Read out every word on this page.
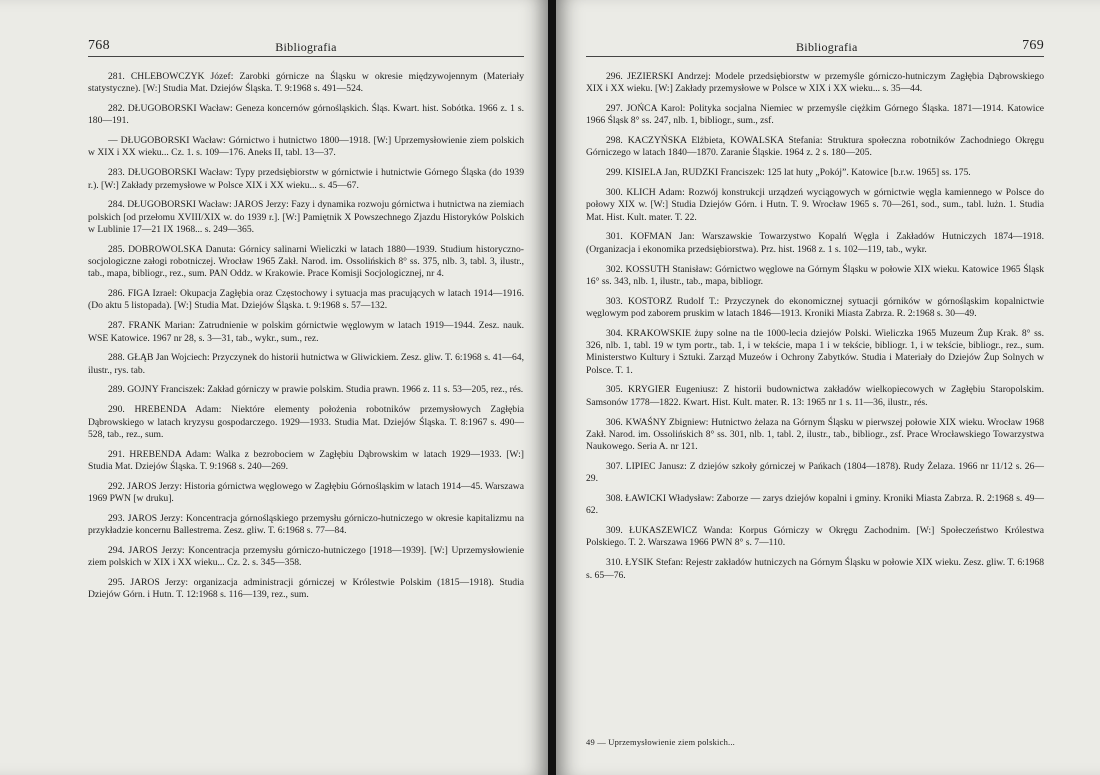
768	Bibliografia

281. CHLEBOWCZYK Józef: Zarobki górnicze na Śląsku w okresie międzywojennym (Materiały statystyczne). [W:] Studia Mat. Dziejów Śląska. T. 9:1968 s. 491—524.

282. DŁUGOBORSKI Wacław: Geneza koncernów górnośląskich. Śląs. Kwart. hist. Sobótka. 1966 z. 1 s. 180—191.

— DŁUGOBORSKI Wacław: Górnictwo i hutnictwo 1800—1918. [W:] Uprzemysłowienie ziem polskich w XIX i XX wieku... Cz. 1. s. 109—176. Aneks II, tabl. 13—37.

283. DŁUGOBORSKI Wacław: Typy przedsiębiorstw w górnictwie i hutnictwie Górnego Śląska (do 1939 r.). [W:] Zakłady przemysłowe w Polsce XIX i XX wieku... s. 45—67.

284. DŁUGOBORSKI Wacław: JAROS Jerzy: Fazy i dynamika rozwoju górnictwa i hutnictwa na ziemiach polskich [od przełomu XVIII/XIX w. do 1939 r.]. [W:] Pamiętnik X Powszechnego Zjazdu Historyków Polskich w Lublinie 17—21 IX 1968... s. 249—365.

285. DOBROWOLSKA Danuta: Górnicy salinarni Wieliczki w latach 1880—1939. Studium historyczno-socjologiczne załogi robotniczej. Wrocław 1965 Zakł. Narod. im. Ossolińskich 8° ss. 375, nlb. 3, tabl. 3, ilustr., tab., mapa, bibliogr., rez., sum. PAN Oddz. w Krakowie. Prace Komisji Socjologicznej, nr 4.

286. FIGA Izrael: Okupacja Zagłębia oraz Częstochowy i sytuacja mas pracujących w latach 1914—1916. (Do aktu 5 listopada). [W:] Studia Mat. Dziejów Śląska. t. 9:1968 s. 57—132.

287. FRANK Marian: Zatrudnienie w polskim górnictwie węglowym w latach 1919—1944. Zesz. nauk. WSE Katowice. 1967 nr 28, s. 3—31, tab., wykr., sum., rez.

288. GŁĄB Jan Wojciech: Przyczynek do historii hutnictwa w Gliwickiem. Zesz. gliw. T. 6:1968 s. 41—64, ilustr., rys. tab.

289. GOJNY Franciszek: Zakład górniczy w prawie polskim. Studia prawn. 1966 z. 11 s. 53—205, rez., rés.

290. HREBENDA Adam: Niektóre elementy położenia robotników przemysłowych Zagłębia Dąbrowskiego w latach kryzysu gospodarczego. 1929—1933. Studia Mat. Dziejów Śląska. T. 8:1967 s. 490—528, tab., rez., sum.

291. HREBENDA Adam: Walka z bezrobociem w Zagłębiu Dąbrowskim w latach 1929—1933. [W:] Studia Mat. Dziejów Śląska. T. 9:1968 s. 240—269.

292. JAROS Jerzy: Historia górnictwa węglowego w Zagłębiu Górnośląskim w latach 1914—45. Warszawa 1969 PWN [w druku].

293. JAROS Jerzy: Koncentracja górnośląskiego przemysłu górniczo-hutniczego w okresie kapitalizmu na przykładzie koncernu Ballestrema. Zesz. gliw. T. 6:1968 s. 77—84.

294. JAROS Jerzy: Koncentracja przemysłu górniczo-hutniczego [1918—1939]. [W:] Uprzemysłowienie ziem polskich w XIX i XX wieku... Cz. 2. s. 345—358.

295. JAROS Jerzy: organizacja administracji górniczej w Królestwie Polskim (1815—1918). Studia Dziejów Górn. i Hutn. T. 12:1968 s. 116—139, rez., sum.

Bibliografia	769

296. JEZIERSKI Andrzej: Modele przedsiębiorstw w przemyśle górniczo-hutniczym Zagłębia Dąbrowskiego XIX i XX wieku. [W:] Zakłady przemysłowe w Polsce w XIX i XX wieku... s. 35—44.

297. JOŃCA Karol: Polityka socjalna Niemiec w przemyśle ciężkim Górnego Śląska. 1871—1914. Katowice 1966 Śląsk 8° ss. 247, nlb. 1, bibliogr., sum., zsf.

298. KACZYŃSKA Elżbieta, KOWALSKA Stefania: Struktura społeczna robotników Zachodniego Okręgu Górniczego w latach 1840—1870. Zaranie Śląskie. 1964 z. 2 s. 180—205.

299. KISIELA Jan, RUDZKI Franciszek: 125 lat huty „Pokój”. Katowice [b.r.w. 1965] ss. 175.

300. KLICH Adam: Rozwój konstrukcji urządzeń wyciągowych w górnictwie węgla kamiennego w Polsce do połowy XIX w. [W:] Studia Dziejów Górn. i Hutn. T. 9. Wrocław 1965 s. 70—261, sod., sum., tabl. lużn. 1. Studia Mat. Hist. Kult. mater. T. 22.

301. KOFMAN Jan: Warszawskie Towarzystwo Kopalń Węgla i Zakładów Hutniczych 1874—1918. (Organizacja i ekonomika przedsiębiorstwa). Prz. hist. 1968 z. 1 s. 102—119, tab., wykr.

302. KOSSUTH Stanisław: Górnictwo węglowe na Górnym Śląsku w połowie XIX wieku. Katowice 1965 Śląsk 16° ss. 343, nlb. 1, ilustr., tab., mapa, bibliogr.

303. KOSTORZ Rudolf T.: Przyczynek do ekonomicznej sytuacji górników w górnośląskim kopalnictwie węglowym pod zaborem pruskim w latach 1846—1913. Kroniki Miasta Zabrza. R. 2:1968 s. 30—49.

304. KRAKOWSKIE żupy solne na tle 1000-lecia dziejów Polski. Wieliczka 1965 Muzeum Żup Krak. 8° ss. 326, nlb. 1, tabl. 19 w tym portr., tab. 1, i w tekście, mapa 1 i w tekście, bibliogr. 1, i w tekście, bibliogr., rez., sum. Ministerstwo Kultury i Sztuki. Zarząd Muzeów i Ochrony Zabytków. Studia i Materiały do Dziejów Żup Solnych w Polsce. T. 1.

305. KRYGIER Eugeniusz: Z historii budownictwa zakładów wielkopiecowych w Zagłębiu Staropolskim. Samsonów 1778—1822. Kwart. Hist. Kult. mater. R. 13: 1965 nr 1 s. 11—36, ilustr., rés.

306. KWAŚNY Zbigniew: Hutnictwo żelaza na Górnym Śląsku w pierwszej połowie XIX wieku. Wrocław 1968 Zakł. Narod. im. Ossolińskich 8° ss. 301, nlb. 1, tabl. 2, ilustr., tab., bibliogr., zsf. Prace Wrocławskiego Towarzystwa Naukowego. Seria A. nr 121.

307. LIPIEC Janusz: Z dziejów szkoły górniczej w Pańkach (1804—1878). Rudy Żelaza. 1966 nr 11/12 s. 26—29.

308. ŁAWICKI Władysław: Zaborze — zarys dziejów kopalni i gminy. Kroniki Miasta Zabrza. R. 2:1968 s. 49—62.

309. ŁUKASZEWICZ Wanda: Korpus Górniczy w Okręgu Zachodnim. [W:] Społeczeństwo Królestwa Polskiego. T. 2. Warszawa 1966 PWN 8° s. 7—110.

310. ŁYSIK Stefan: Rejestr zakładów hutniczych na Górnym Śląsku w połowie XIX wieku. Zesz. gliw. T. 6:1968 s. 65—76.

49 — Uprzemysłowienie ziem polskich...
